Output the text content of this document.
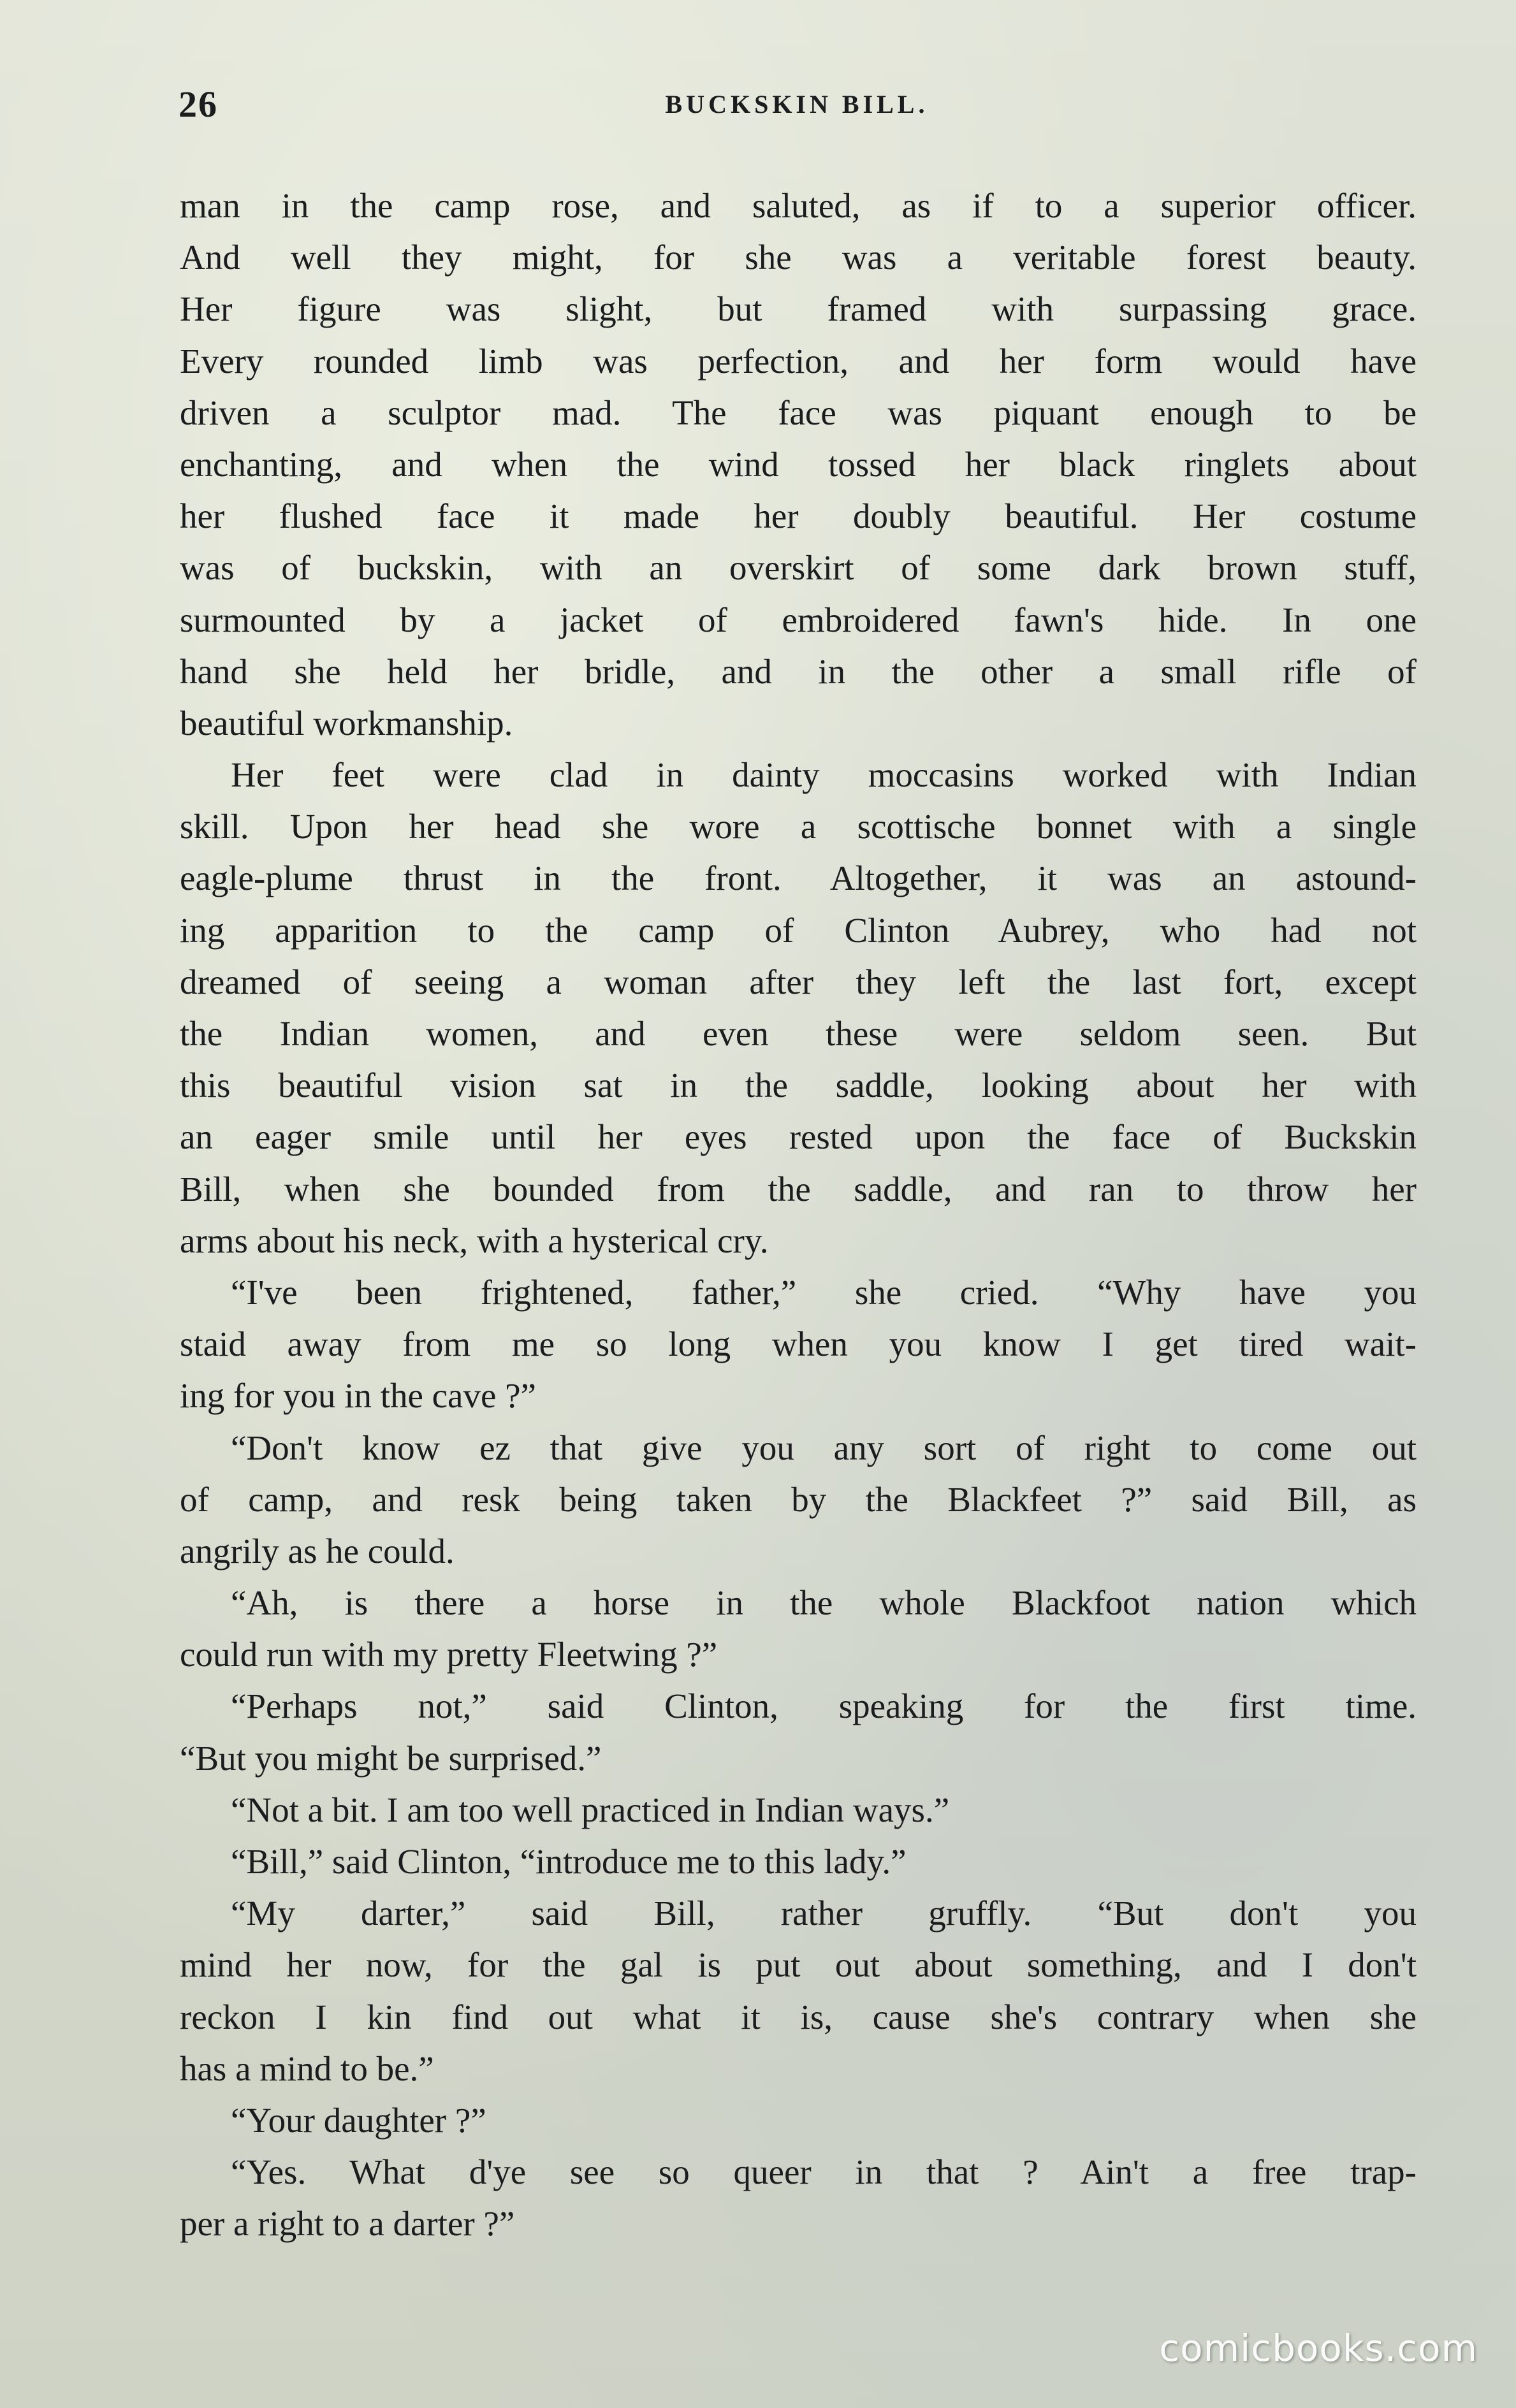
26	BUCKSKIN BILL.
man in the camp rose, and saluted, as if to a superior officer.
And well they might, for she was a veritable forest beauty.
Her figure was slight, but framed with surpassing grace.
Every rounded limb was perfection, and her form would have
driven a sculptor mad. The face was piquant enough to be
enchanting, and when the wind tossed her black ringlets about
her flushed face it made her doubly beautiful. Her costume
was of buckskin, with an overskirt of some dark brown stuff,
surmounted by a jacket of embroidered fawn's hide. In one
hand she held her bridle, and in the other a small rifle of
beautiful workmanship.
Her feet were clad in dainty moccasins worked with Indian
skill. Upon her head she wore a scottische bonnet with a single
eagle-plume thrust in the front. Altogether, it was an astound-
ing apparition to the camp of Clinton Aubrey, who had not
dreamed of seeing a woman after they left the last fort, except
the Indian women, and even these were seldom seen. But
this beautiful vision sat in the saddle, looking about her with
an eager smile until her eyes rested upon the face of Buckskin
Bill, when she bounded from the saddle, and ran to throw her
arms about his neck, with a hysterical cry.
“I've been frightened, father,” she cried. “Why have you
staid away from me so long when you know I get tired wait-
ing for you in the cave ?”
“Don't know ez that give you any sort of right to come out
of camp, and resk being taken by the Blackfeet ?” said Bill, as
angrily as he could.
“Ah, is there a horse in the whole Blackfoot nation which
could run with my pretty Fleetwing ?”
“Perhaps not,” said Clinton, speaking for the first time.
“But you might be surprised.”
“Not a bit. I am too well practiced in Indian ways.”
“Bill,” said Clinton, “introduce me to this lady.”
“My darter,” said Bill, rather gruffly. “But don't you
mind her now, for the gal is put out about something, and I don't
reckon I kin find out what it is, cause she's contrary when she
has a mind to be.”
“Your daughter ?”
“Yes. What d'ye see so queer in that ? Ain't a free trap-
per a right to a darter ?”
comicbooks.com
